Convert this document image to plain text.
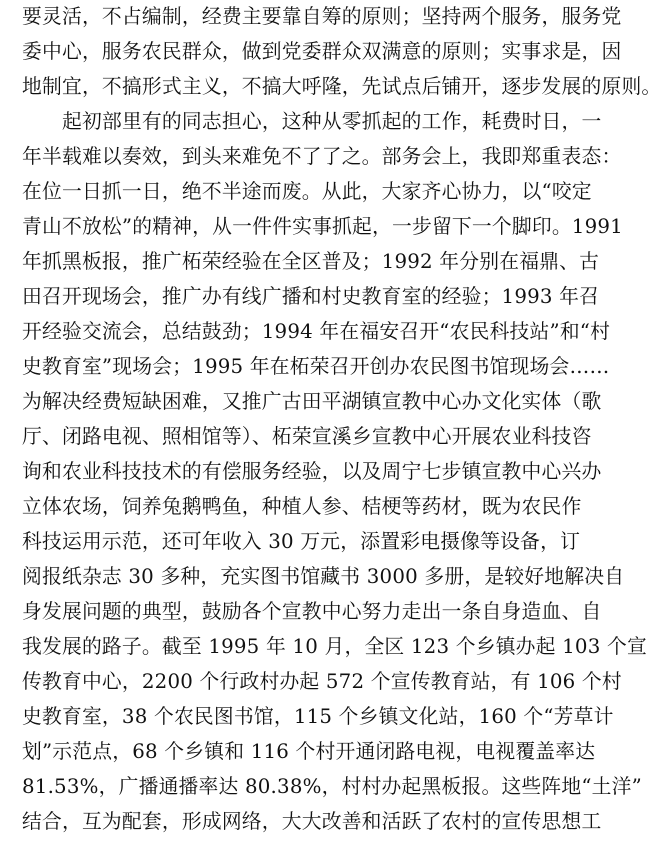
要灵活，不占编制，经费主要靠自筹的原则；坚持两个服务，服务党
委中心，服务农民群众，做到党委群众双满意的原则；实事求是，因
地制宜，不搞形式主义，不搞大呼隆，先试点后铺开，逐步发展的原则。
起初部里有的同志担心，这种从零抓起的工作，耗费时日，一
年半载难以奏效，到头来难免不了了之。部务会上，我即郑重表态：
在位一日抓一日，绝不半途而废。从此，大家齐心协力，以“咬定
青山不放松”的精神，从一件件实事抓起，一步留下一个脚印。1991
年抓黑板报，推广柘荣经验在全区普及；1992 年分别在福鼎、古
田召开现场会，推广办有线广播和村史教育室的经验；1993 年召
开经验交流会，总结鼓劲；1994 年在福安召开“农民科技站”和“村
史教育室”现场会；1995 年在柘荣召开创办农民图书馆现场会……
为解决经费短缺困难，又推广古田平湖镇宣教中心办文化实体（歌
厅、闭路电视、照相馆等）、柘荣宣溪乡宣教中心开展农业科技咨
询和农业科技技术的有偿服务经验，以及周宁七步镇宣教中心兴办
立体农场，饲养兔鹅鸭鱼，种植人参、桔梗等药材，既为农民作
科技运用示范，还可年收入 30 万元，添置彩电摄像等设备，订
阅报纸杂志 30 多种，充实图书馆藏书 3000 多册，是较好地解决自
身发展问题的典型，鼓励各个宣教中心努力走出一条自身造血、自
我发展的路子。截至 1995 年 10 月，全区 123 个乡镇办起 103 个宣
传教育中心，2200 个行政村办起 572 个宣传教育站，有 106 个村
史教育室，38 个农民图书馆，115 个乡镇文化站，160 个“芳草计
划”示范点，68 个乡镇和 116 个村开通闭路电视，电视覆盖率达
81.53%，广播通播率达 80.38%，村村办起黑板报。这些阵地“土洋”
结合，互为配套，形成网络，大大改善和活跃了农村的宣传思想工
